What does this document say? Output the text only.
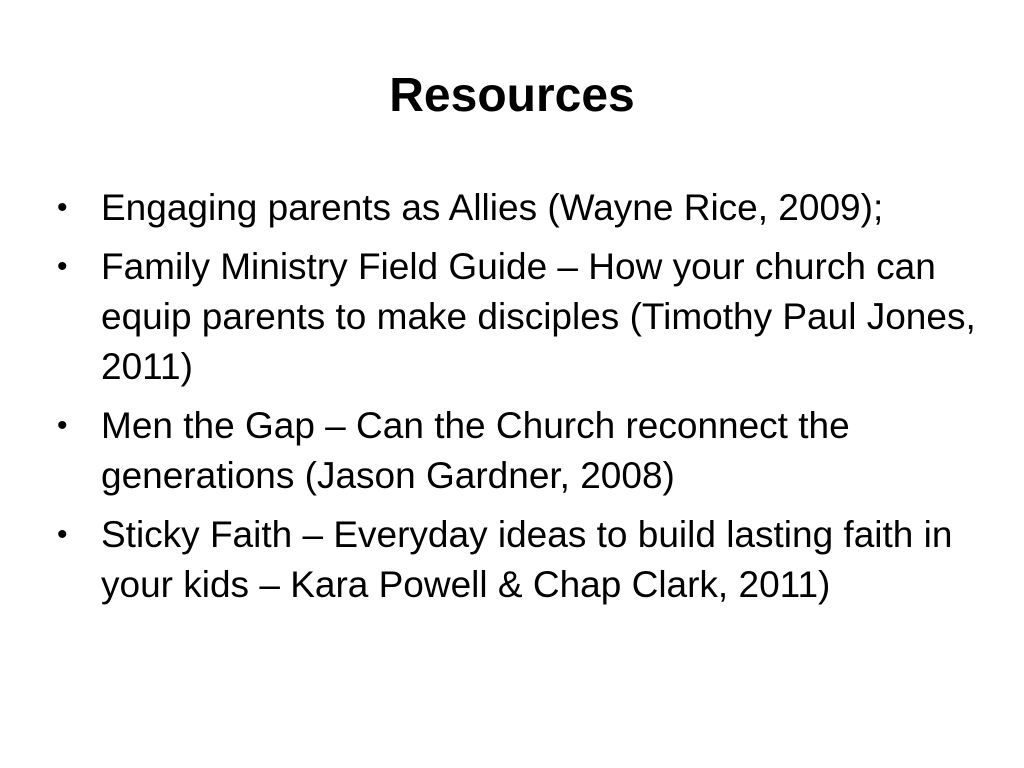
Resources
• Engaging parents as Allies (Wayne Rice, 2009);
• Family Ministry Field Guide – How your church can equip parents to make disciples (Timothy Paul Jones, 2011)
• Men the Gap – Can the Church reconnect the generations (Jason Gardner, 2008)
• Sticky Faith – Everyday ideas to build lasting faith in your kids – Kara Powell & Chap Clark, 2011)
